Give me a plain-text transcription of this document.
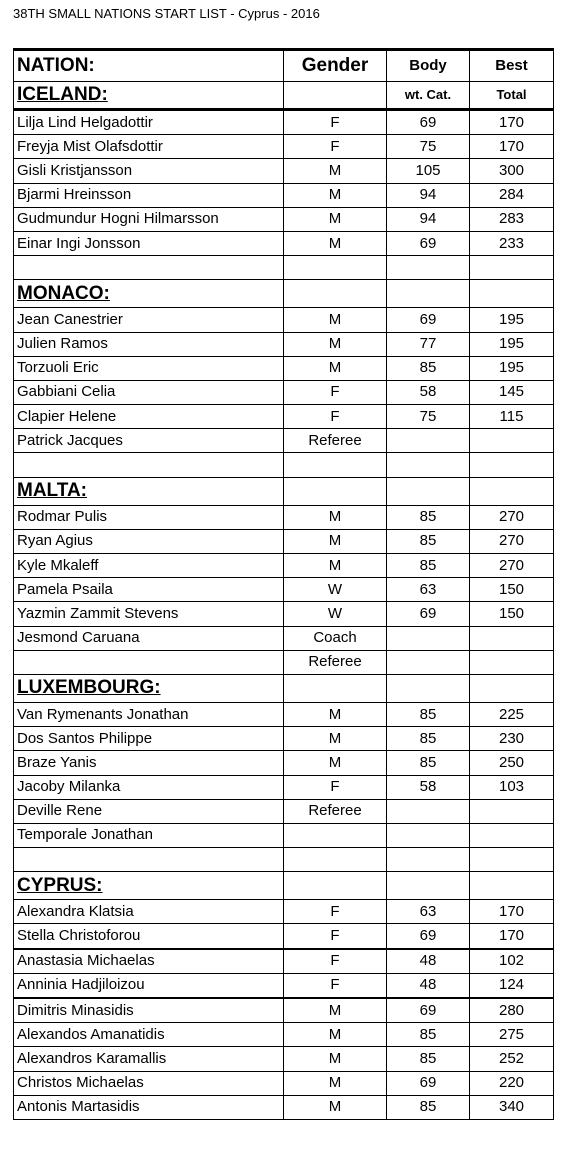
38TH SMALL NATIONS START LIST - Cyprus - 2016
NATION:	Gender	Body	Best
ICELAND:		wt. Cat.	Total
Lilja Lind Helgadottir	F	69	170
Freyja Mist Olafsdottir	F	75	170
Gisli Kristjansson	M	105	300
Bjarmi Hreinsson	M	94	284
Gudmundur Hogni Hilmarsson	M	94	283
Einar Ingi Jonsson	M	69	233

MONACO:			
Jean Canestrier	M	69	195
Julien Ramos	M	77	195
Torzuoli Eric	M	85	195
Gabbiani Celia	F	58	145
Clapier Helene	F	75	115
Patrick Jacques	Referee		

MALTA:			
Rodmar Pulis	M	85	270
Ryan Agius	M	85	270
Kyle Mkaleff	M	85	270
Pamela Psaila	W	63	150
Yazmin Zammit Stevens	W	69	150
Jesmond Caruana	Coach		
	Referee		
LUXEMBOURG:			
Van Rymenants Jonathan	M	85	225
Dos Santos Philippe	M	85	230
Braze Yanis	M	85	250
Jacoby Milanka	F	58	103
Deville Rene	Referee		
Temporale Jonathan			

CYPRUS:			
Alexandra Klatsia	F	63	170
Stella Christoforou	F	69	170
Anastasia Michaelas	F	48	102
Anninia Hadjiloizou	F	48	124
Dimitris Minasidis	M	69	280
Alexandos Amanatidis	M	85	275
Alexandros Karamallis	M	85	252
Christos Michaelas	M	69	220
Antonis Martasidis	M	85	340
